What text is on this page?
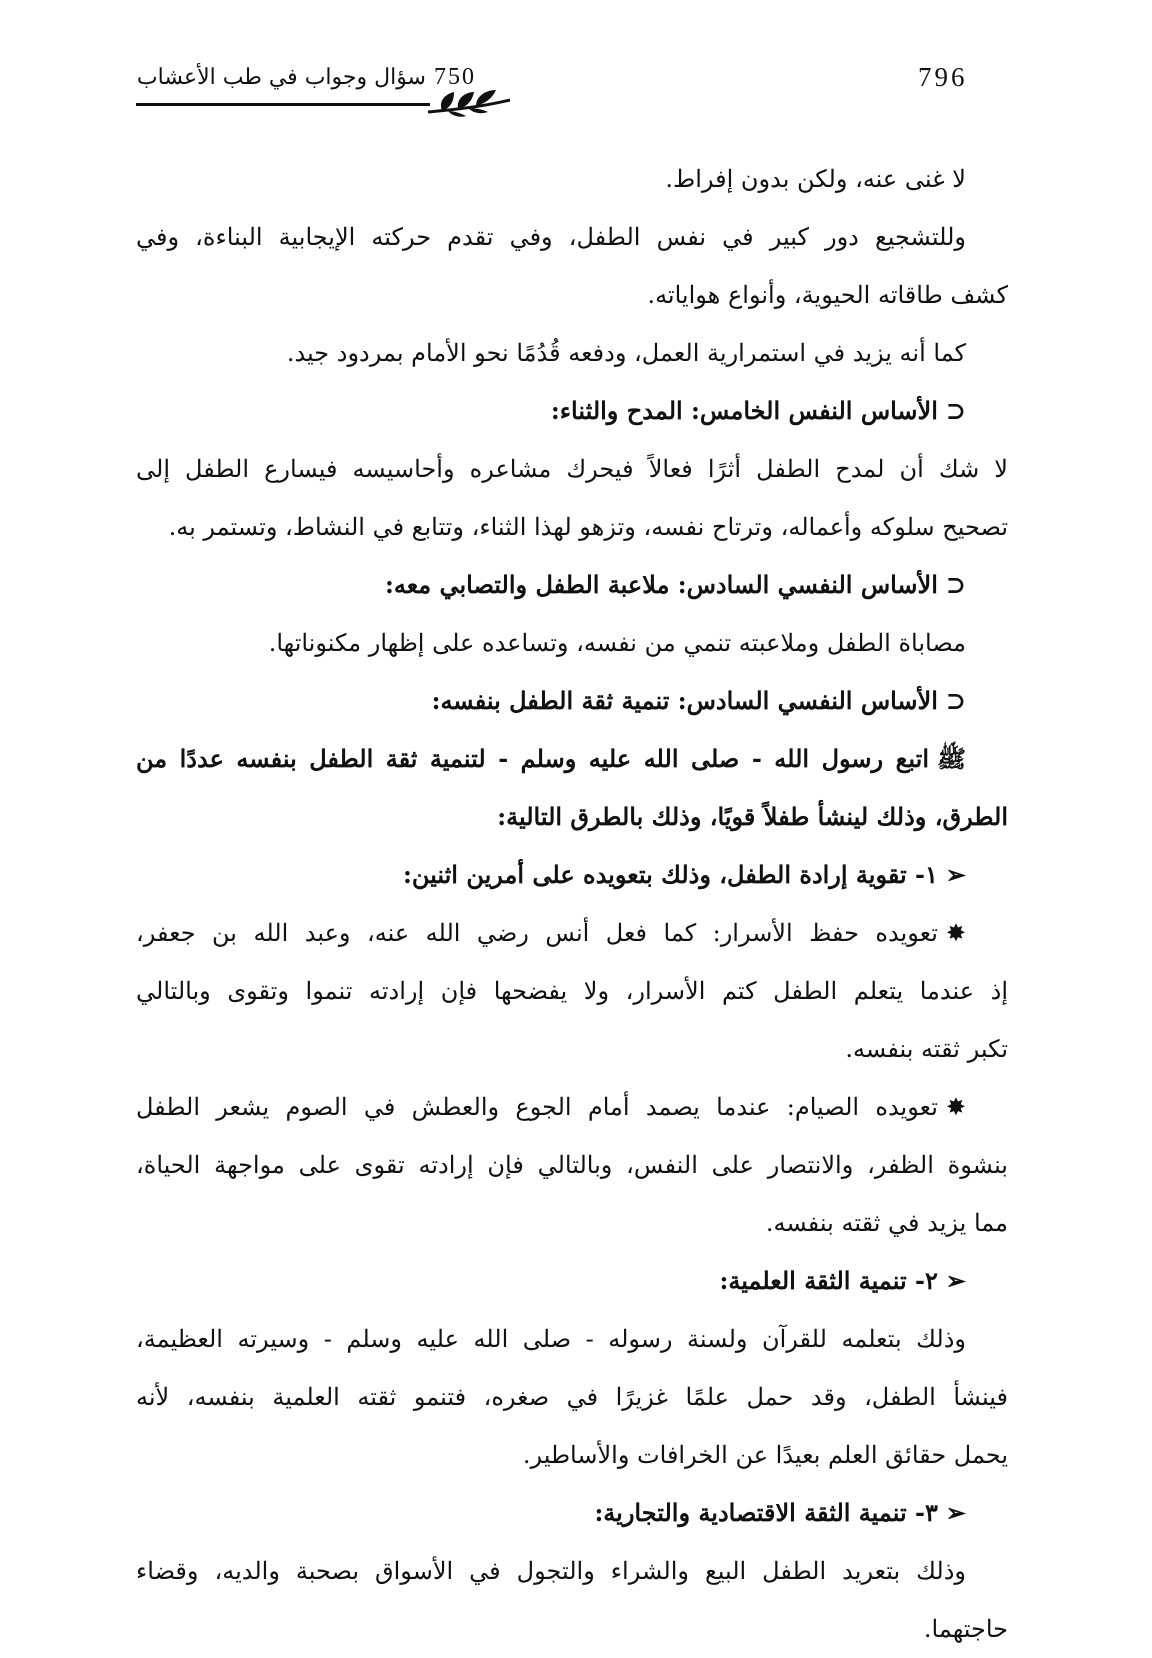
796
750
سؤال وجواب في طب الأعشاب
لا غنى عنه، ولكن بدون إفراط.
وللتشجيع دور كبير في نفس الطفل، وفي تقدم حركته الإيجابية البناءة، وفي
كشف طاقاته الحيوية، وأنواع هواياته.
كما أنه يزيد في استمرارية العمل، ودفعه قُدُمًا نحو الأمام بمردود جيد.
⊂الأساس النفس الخامس: المدح والثناء:
لا شك أن لمدح الطفل أثرًا فعالاً فيحرك مشاعره وأحاسيسه فيسارع الطفل إلى
تصحيح سلوكه وأعماله، وترتاح نفسه، وتزهو لهذا الثناء، وتتابع في النشاط، وتستمر به.
⊂الأساس النفسي السادس: ملاعبة الطفل والتصابي معه:
مصاباة الطفل وملاعبته تنمي من نفسه، وتساعده على إظهار مكنوناتها.
⊂الأساس النفسي السادس: تنمية ثقة الطفل بنفسه:
ﷺاتبع رسول الله - صلى الله عليه وسلم - لتنمية ثقة الطفل بنفسه عددًا من
الطرق، وذلك لينشأ طفلاً قويًا، وذلك بالطرق التالية:
➢١- تقوية إرادة الطفل، وذلك بتعويده على أمرين اثنين:
✸تعويده حفظ الأسرار: كما فعل أنس رضي الله عنه، وعبد الله بن جعفر،
إذ عندما يتعلم الطفل كتم الأسرار، ولا يفضحها فإن إرادته تنموا وتقوى وبالتالي
تكبر ثقته بنفسه.
✸تعويده الصيام: عندما يصمد أمام الجوع والعطش في الصوم يشعر الطفل
بنشوة الظفر، والانتصار على النفس، وبالتالي فإن إرادته تقوى على مواجهة الحياة،
مما يزيد في ثقته بنفسه.
➢٢- تنمية الثقة العلمية:
وذلك بتعلمه للقرآن ولسنة رسوله - صلى الله عليه وسلم - وسيرته العظيمة،
فينشأ الطفل، وقد حمل علمًا غزيرًا في صغره، فتنمو ثقته العلمية بنفسه، لأنه
يحمل حقائق العلم بعيدًا عن الخرافات والأساطير.
➢٣- تنمية الثقة الاقتصادية والتجارية:
وذلك بتعريد الطفل البيع والشراء والتجول في الأسواق بصحبة والديه، وقضاء
حاجتهما.
